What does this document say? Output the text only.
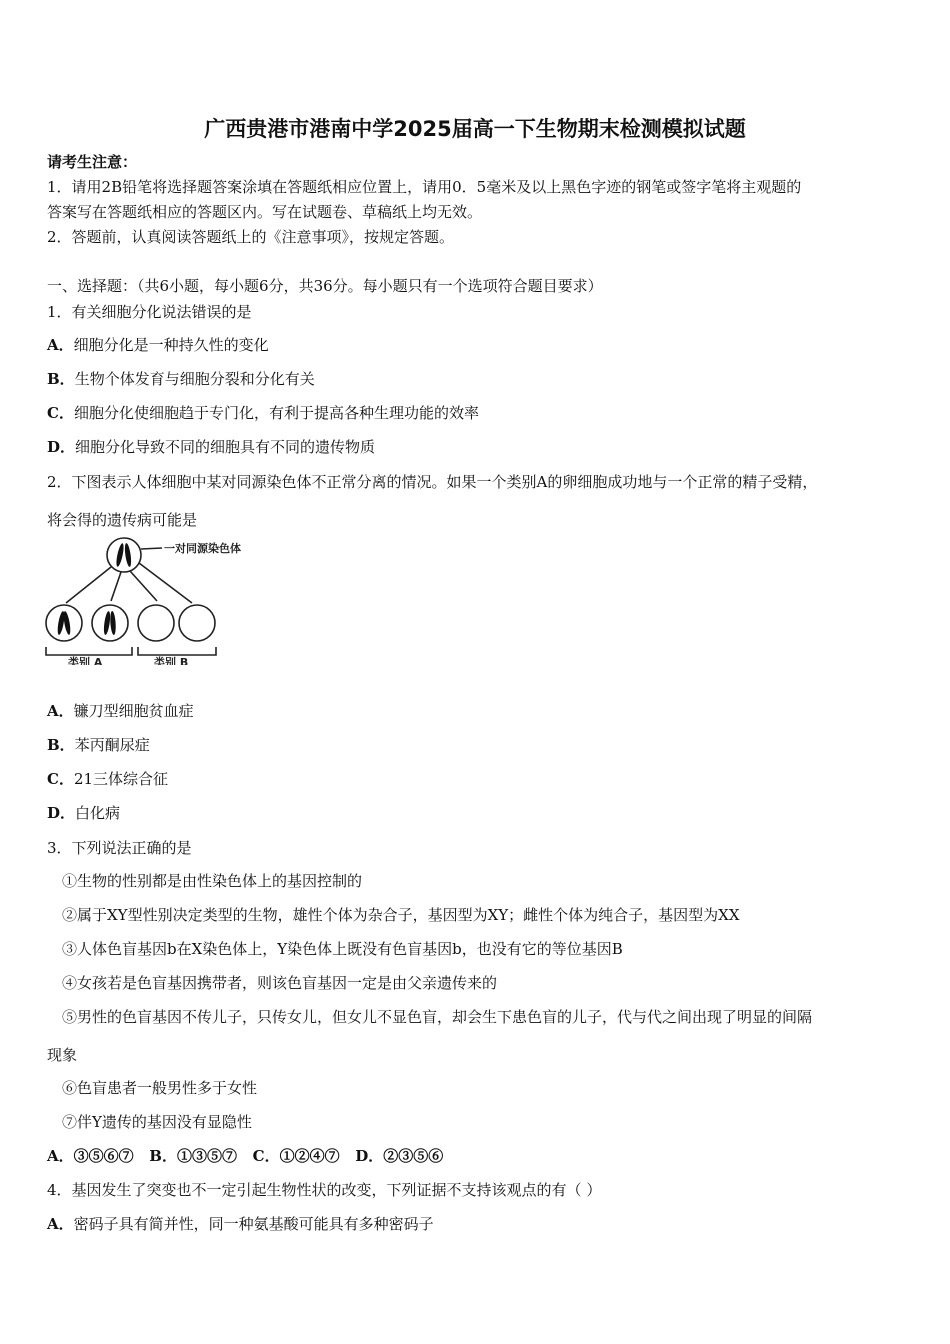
广西贵港市港南中学2025届高一下生物期末检测模拟试题
请考生注意：
1．请用2B铅笔将选择题答案涂填在答题纸相应位置上，请用0．5毫米及以上黑色字迹的钢笔或签字笔将主观题的
答案写在答题纸相应的答题区内。写在试题卷、草稿纸上均无效。
2．答题前，认真阅读答题纸上的《注意事项》，按规定答题。
一、选择题：（共6小题，每小题6分，共36分。每小题只有一个选项符合题目要求）
1．有关细胞分化说法错误的是
A．细胞分化是一种持久性的变化
B．生物个体发育与细胞分裂和分化有关
C．细胞分化使细胞趋于专门化，有利于提高各种生理功能的效率
D．细胞分化导致不同的细胞具有不同的遗传物质
2．下图表示人体细胞中某对同源染色体不正常分离的情况。如果一个类别A的卵细胞成功地与一个正常的精子受精，
将会得的遗传病可能是
一对同源染色体
类别 A	类别 B
A．镰刀型细胞贫血症
B．苯丙酮尿症
C．21三体综合征
D．白化病
3．下列说法正确的是
①生物的性别都是由性染色体上的基因控制的
②属于XY型性别决定类型的生物，雄性个体为杂合子，基因型为XY；雌性个体为纯合子，基因型为XX
③人体色盲基因b在X染色体上，Y染色体上既没有色盲基因b，也没有它的等位基因B
④女孩若是色盲基因携带者，则该色盲基因一定是由父亲遗传来的
⑤男性的色盲基因不传儿子，只传女儿，但女儿不显色盲，却会生下患色盲的儿子，代与代之间出现了明显的间隔
现象
⑥色盲患者一般男性多于女性
⑦伴Y遗传的基因没有显隐性
A．③⑤⑥⑦   B．①③⑤⑦   C．①②④⑦   D．②③⑤⑥
4．基因发生了突变也不一定引起生物性状的改变，下列证据不支持该观点的有（ ）
A．密码子具有简并性，同一种氨基酸可能具有多种密码子
